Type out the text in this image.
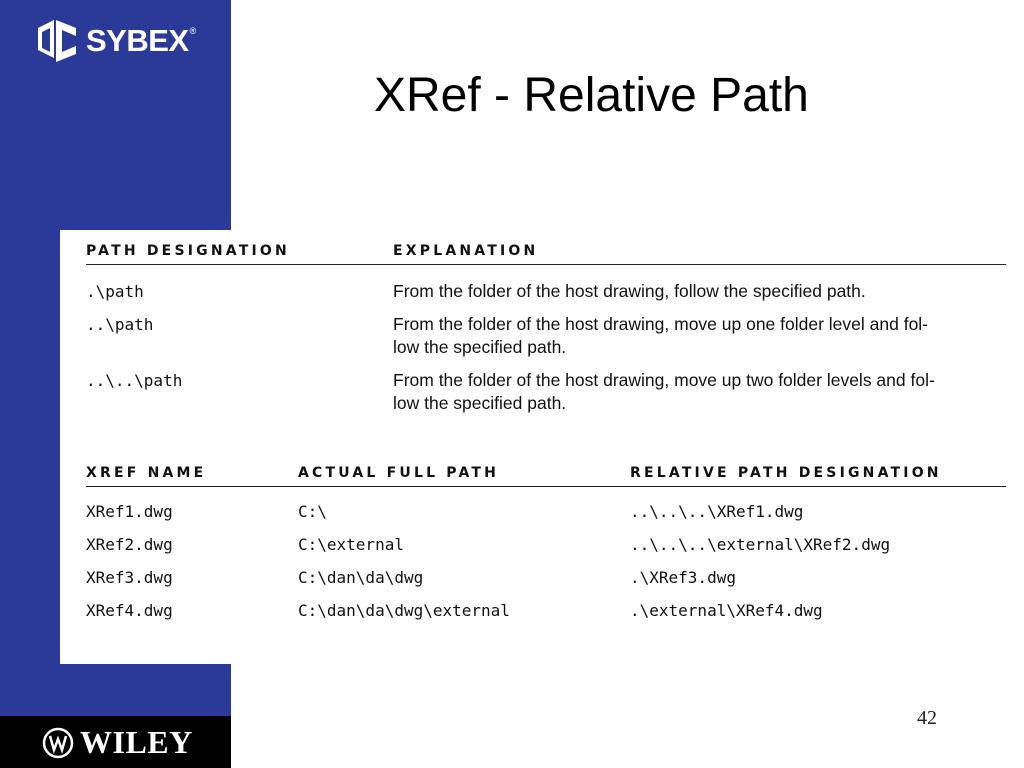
SYBEX ®
WILEY
XRef - Relative Path
PATH DESIGNATION	EXPLANATION
.\path	From the folder of the host drawing, follow the specified path.
..\path	From the folder of the host drawing, move up one folder level and fol-
low the specified path.
..\..\path	From the folder of the host drawing, move up two folder levels and fol-
low the specified path.
XREF NAME	ACTUAL FULL PATH	RELATIVE PATH DESIGNATION
XRef1.dwg	C:\	..\..\..\XRef1.dwg
XRef2.dwg	C:\external	..\..\..\external\XRef2.dwg
XRef3.dwg	C:\dan\da\dwg	.\XRef3.dwg
XRef4.dwg	C:\dan\da\dwg\external	.\external\XRef4.dwg
42
